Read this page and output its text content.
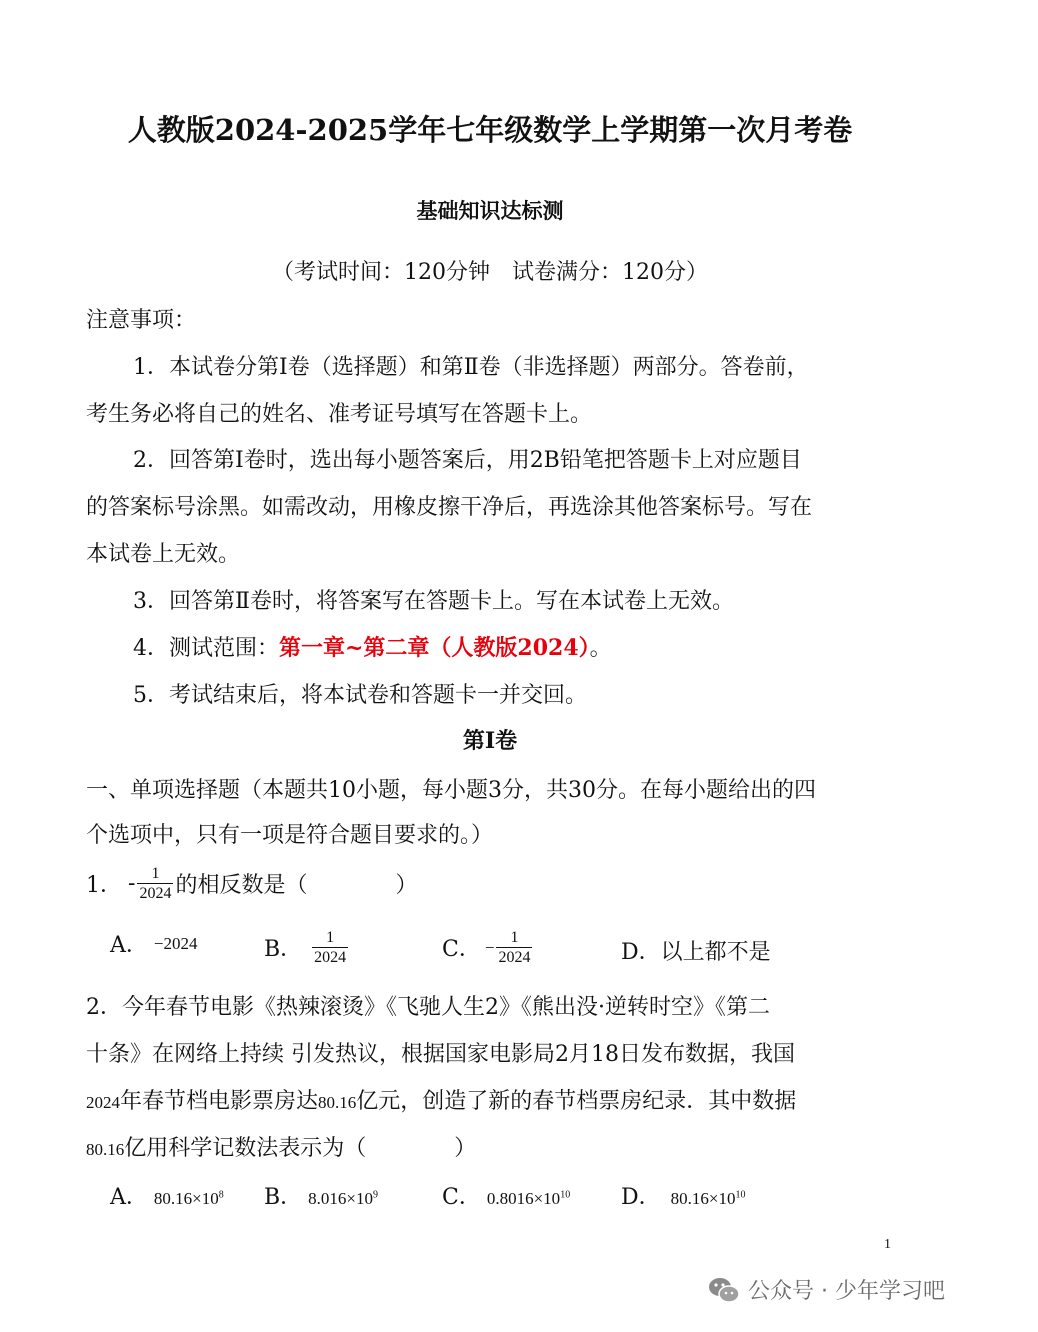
人教版2024-2025学年七年级数学上学期第一次月考卷
基础知识达标测
（考试时间：120分钟　试卷满分：120分）
注意事项：
1．本试卷分第Ⅰ卷（选择题）和第Ⅱ卷（非选择题）两部分。答卷前，
考生务必将自己的姓名、准考证号填写在答题卡上。
2．回答第Ⅰ卷时，选出每小题答案后，用2B铅笔把答题卡上对应题目
的答案标号涂黑。如需改动，用橡皮擦干净后，再选涂其他答案标号。写在
本试卷上无效。
3．回答第Ⅱ卷时，将答案写在答题卡上。写在本试卷上无效。
4．测试范围：第一章~第二章（人教版2024）。
5．考试结束后，将本试卷和答题卡一并交回。
第Ⅰ卷
一、单项选择题（本题共10小题，每小题3分，共30分。在每小题给出的四
个选项中，只有一项是符合题目要求的。）
1． - $\frac{1}{2024}$ 的相反数是（　　　　）
A． −2024	B． $\frac{1}{2024}$	C． − $\frac{1}{2024}$	D．以上都不是
2．今年春节电影《热辣滚烫》《飞驰人生2》《熊出没·逆转时空》《第二
十条》在网络上持续 引发热议，根据国家电影局2月18日发布数据，我国
2024年春节档电影票房达80.16亿元，创造了新的春节档票房纪录．其中数据
80.16亿用科学记数法表示为（　　　　）
A． $80.16\times 10^8$ B． $8.016\times 10^9$	C． $0.8016\times 10^{10}$ D． $80.16\times 10^{10}$
1
公众号 · 少年学习吧
